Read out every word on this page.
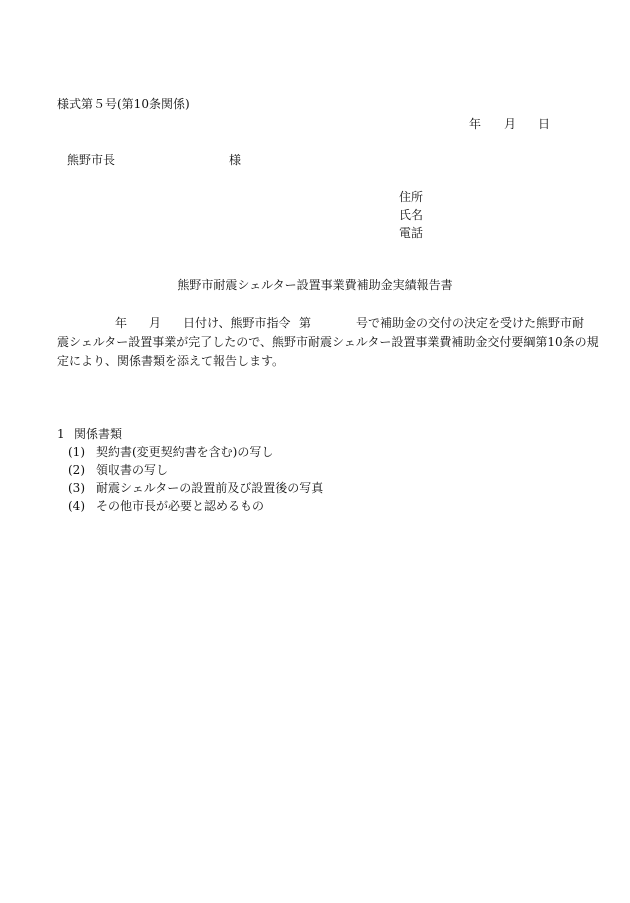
様式第５号(第10条関係)
年 月 日
熊野市長	様
住所
氏名
電話
熊野市耐震シェルター設置事業費補助金実績報告書
年 月 日付け、熊野市指令 第	号で補助金の交付の決定を受けた熊野市耐
震シェルター設置事業が完了したので、熊野市耐震シェルター設置事業費補助金交付要綱第10条の規
定により、関係書類を添えて報告します。
1 関係書類
(1) 契約書(変更契約書を含む)の写し
(2) 領収書の写し
(3) 耐震シェルターの設置前及び設置後の写真
(4) その他市長が必要と認めるもの
